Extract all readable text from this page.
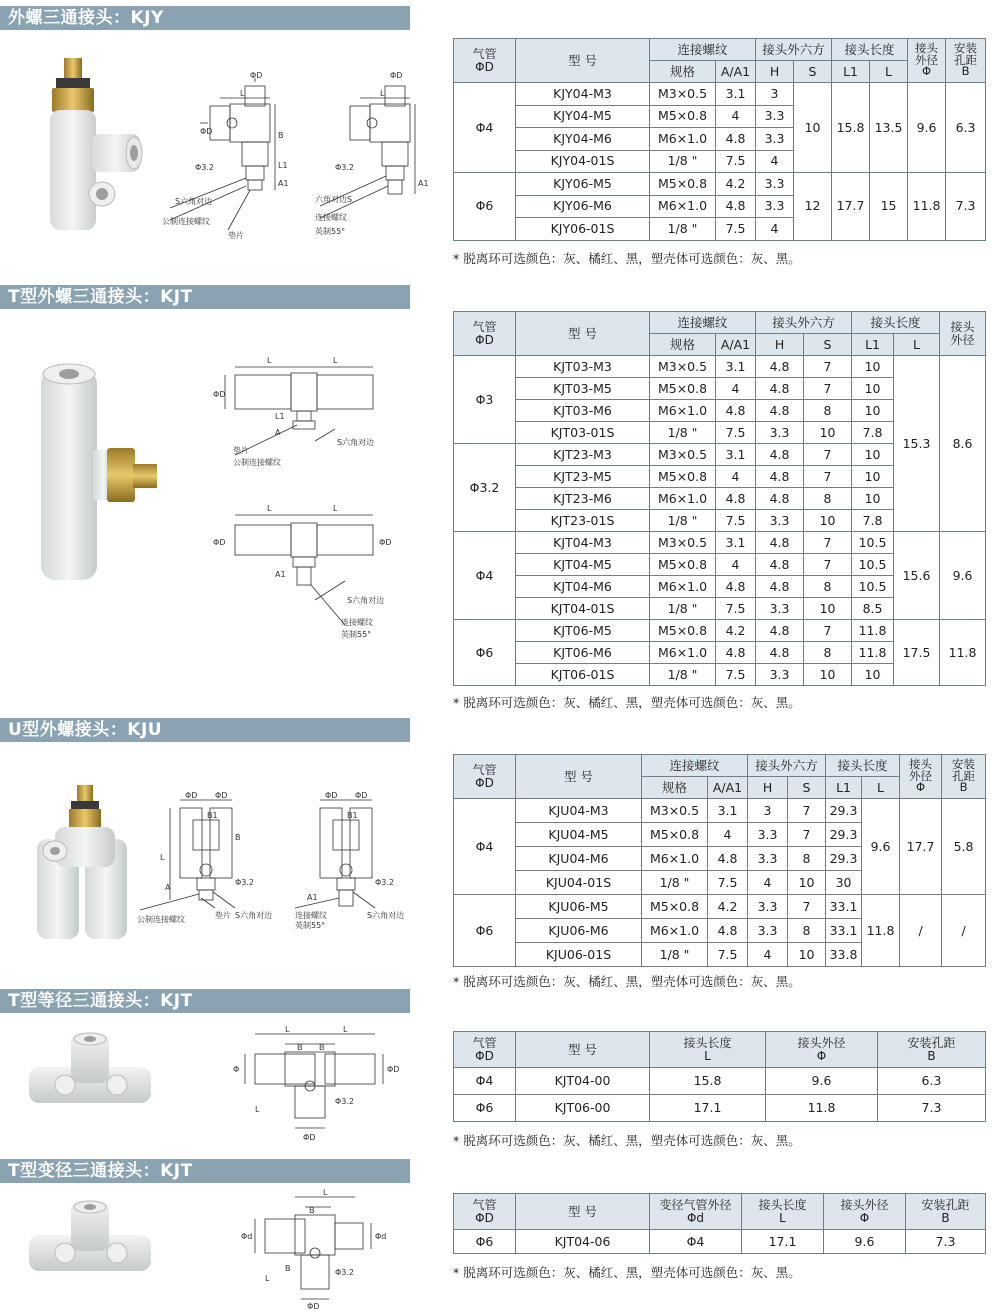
外螺三通接头：KJY
ΦD
L
ΦD
Φ3.2
B
L1
A1
S六角对边
公制连接螺纹
垫片
ΦD
L
Φ3.2
A1
六角对边S
连接螺纹
英制55°
气管
ΦD	型 号	连接螺纹		接头外六方		接头长度		接头
外径
Φ	安装
孔距
B

		规格	A/A1	H	S	L1	L		
Φ4	KJY04-M3	M3×0.5	3.1	3	10	15.8	13.5	9.6	6.3
	KJY04-M5	M5×0.8	4	3.3					
	KJY04-M6	M6×1.0	4.8	3.3					
	KJY04-01S	1/8 "	7.5	4					
Φ6	KJY06-M5	M5×0.8	4.2	3.3	12	17.7	15	11.8	7.3
	KJY06-M6	M6×1.0	4.8	3.3					
	KJY06-01S	1/8 "	7.5	4					
* 脱离环可选颜色：灰、橘红、黑，塑壳体可选颜色：灰、黑。
T型外螺三通接头：KJT
L	L
ΦD
L1
A
S六角对边
垫片
公制连接螺纹
L	L
ΦD	ΦD
A1
S六角对边
连接螺纹
英制55°
气管
ΦD	型 号	连接螺纹		接头外六方		接头长度		接头
外径

		规格	A/A1	H	S	L1	L	
Φ3	KJT03-M3	M3×0.5	3.1	4.8	7	10	15.3	8.6
	KJT03-M5	M5×0.8	4	4.8	7	10		
	KJT03-M6	M6×1.0	4.8	4.8	8	10		
	KJT03-01S	1/8 "	7.5	3.3	10	7.8		
Φ3.2	KJT23-M3	M3×0.5	3.1	4.8	7	10		
	KJT23-M5	M5×0.8	4	4.8	7	10		
	KJT23-M6	M6×1.0	4.8	4.8	8	10		
	KJT23-01S	1/8 "	7.5	3.3	10	7.8		
Φ4	KJT04-M3	M3×0.5	3.1	4.8	7	10.5	15.6	9.6
	KJT04-M5	M5×0.8	4	4.8	7	10.5		
	KJT04-M6	M6×1.0	4.8	4.8	8	10.5		
	KJT04-01S	1/8 "	7.5	3.3	10	8.5		
Φ6	KJT06-M5	M5×0.8	4.2	4.8	7	11.8	17.5	11.8
	KJT06-M6	M6×1.0	4.8	4.8	8	11.8		
	KJT06-01S	1/8 "	7.5	3.3	10	10		
* 脱离环可选颜色：灰、橘红、黑，塑壳体可选颜色：灰、黑。
U型外螺接头：KJU
ΦD ΦD
B1
B
L
A
Φ3.2
公制连接螺纹	垫片 S六角对边
ΦD ΦD
B1
Φ3.2
A1
连接螺纹
英制55°
S六角对边
气管
ΦD	型 号	连接螺纹		接头外六方		接头长度		接头
外径
Φ	安装
孔距
B

		规格	A/A1	H	S	L1	L		
Φ4	KJU04-M3	M3×0.5	3.1	3	7	29.3	9.6	17.7	5.8
	KJU04-M5	M5×0.8	4	3.3	7	29.3			
	KJU04-M6	M6×1.0	4.8	3.3	8	29.3			
	KJU04-01S	1/8 "	7.5	4	10	30			
Φ6	KJU06-M5	M5×0.8	4.2	3.3	7	33.1	11.8	/	/
	KJU06-M6	M6×1.0	4.8	3.3	8	33.1			
	KJU06-01S	1/8 "	7.5	4	10	33.8			
* 脱离环可选颜色：灰、橘红、黑，塑壳体可选颜色：灰、黑。
T型等径三通接头：KJT
L	L
B B
Φ	ΦD
Φ3.2
L
ΦD
气管
ΦD	型 号	接头长度
L	接头外径
Φ	安装孔距
B

Φ4	KJT04-00	15.8	9.6	6.3
Φ6	KJT06-00	17.1	11.8	7.3
* 脱离环可选颜色：灰、橘红、黑，塑壳体可选颜色：灰、黑。
T型变径三通接头：KJT
L
B
Φd	Φd
B	Φ3.2
L
ΦD
气管
ΦD	型 号	变径气管外径
Φd	接头长度
L	接头外径
Φ	安装孔距
B

Φ6	KJT04-06	Φ4	17.1	9.6	7.3
* 脱离环可选颜色：灰、橘红、黑，塑壳体可选颜色：灰、黑。
